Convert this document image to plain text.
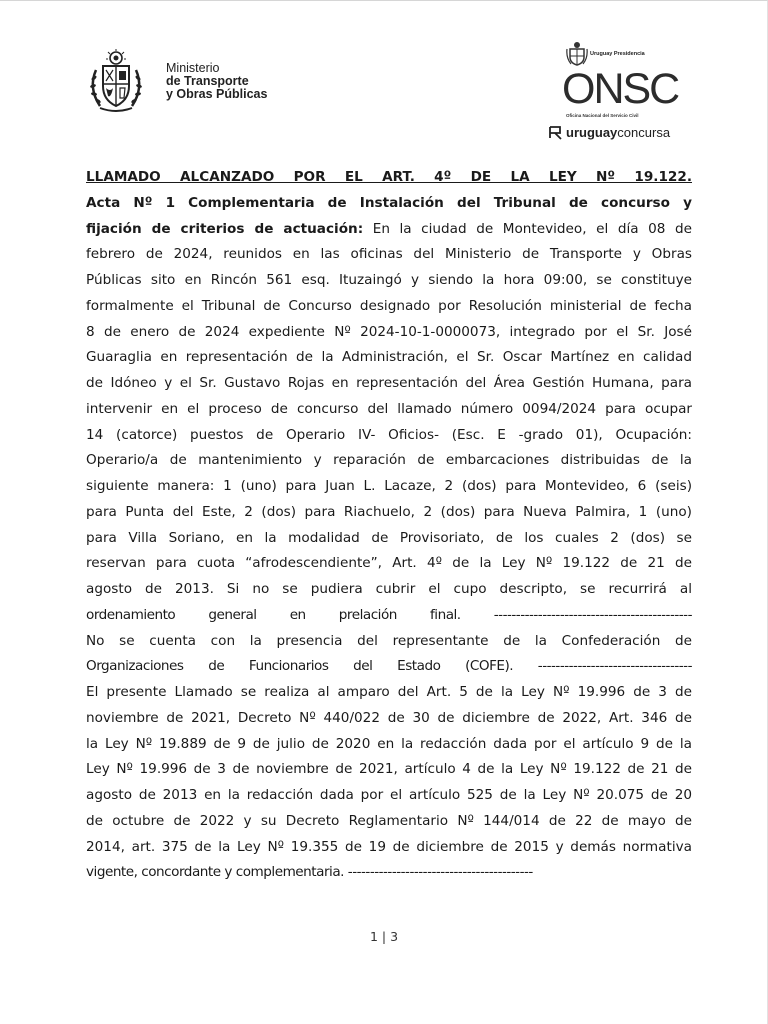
Ministerio
de Transporte
y Obras Públicas
Uruguay Presidencia
ONSC
Oficina Nacional del Servicio Civil
uruguay concursa
LLAMADO ALCANZADO POR EL ART. 4º DE LA LEY Nº 19.122.
Acta Nº 1 Complementaria de Instalación del Tribunal de concurso y
fijación de criterios de actuación: En la ciudad de Montevideo, el día 08 de
febrero de 2024, reunidos en las oficinas del Ministerio de Transporte y Obras
Públicas sito en Rincón 561 esq. Ituzaingó y siendo la hora 09:00, se constituye
formalmente el Tribunal de Concurso designado por Resolución ministerial de fecha
8 de enero de 2024 expediente Nº 2024-10-1-0000073, integrado por el Sr. José
Guaraglia en representación de la Administración, el Sr. Oscar Martínez en calidad
de Idóneo y el Sr. Gustavo Rojas en representación del Área Gestión Humana, para
intervenir en el proceso de concurso del llamado número 0094/2024 para ocupar
14 (catorce) puestos de Operario IV- Oficios- (Esc. E -grado 01), Ocupación:
Operario/a de mantenimiento y reparación de embarcaciones distribuidas de la
siguiente manera: 1 (uno) para Juan L. Lacaze, 2 (dos) para Montevideo, 6 (seis)
para Punta del Este, 2 (dos) para Riachuelo, 2 (dos) para Nueva Palmira, 1 (uno)
para Villa Soriano, en la modalidad de Provisoriato, de los cuales 2 (dos) se
reservan para cuota “afrodescendiente”, Art. 4º de la Ley Nº 19.122 de 21 de
agosto de 2013. Si no se pudiera cubrir el cupo descripto, se recurrirá al
ordenamiento general en prelación final. ---------------------------------------------
No se cuenta con la presencia del representante de la Confederación de
Organizaciones de Funcionarios del Estado (COFE). -----------------------------------
El presente Llamado se realiza al amparo del Art. 5 de la Ley Nº 19.996 de 3 de
noviembre de 2021, Decreto Nº 440/022 de 30 de diciembre de 2022, Art. 346 de
la Ley Nº 19.889 de 9 de julio de 2020 en la redacción dada por el artículo 9 de la
Ley Nº 19.996 de 3 de noviembre de 2021, artículo 4 de la Ley Nº 19.122 de 21 de
agosto de 2013 en la redacción dada por el artículo 525 de la Ley Nº 20.075 de 20
de octubre de 2022 y su Decreto Reglamentario Nº 144/014 de 22 de mayo de
2014, art. 375 de la Ley Nº 19.355 de 19 de diciembre de 2015 y demás normativa
vigente, concordante y complementaria. ------------------------------------------
1 | 3
